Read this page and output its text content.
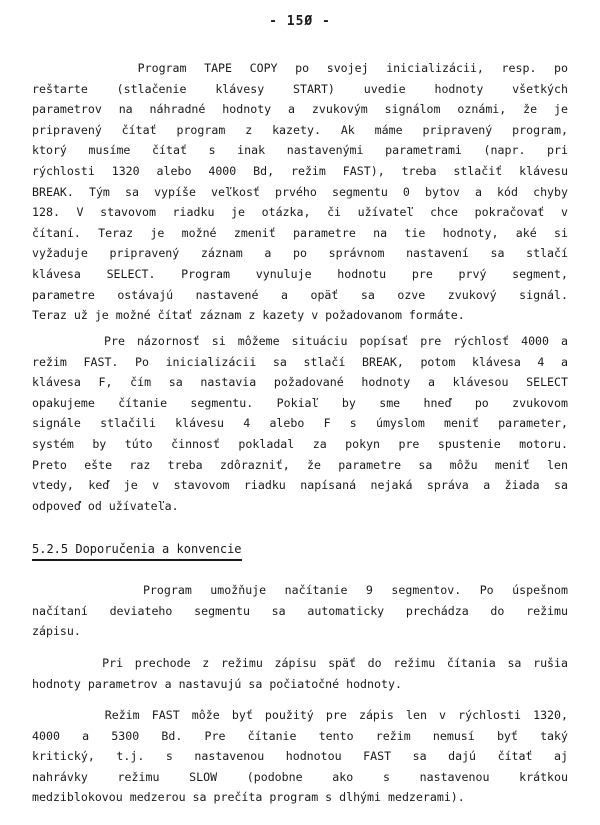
- 15Ø -
Program TAPE COPY po svojej inicializácii, resp. po
reštarte (stlačenie klávesy START) uvedie hodnoty všetkých
parametrov na náhradné hodnoty a zvukovým signálom oznámi, že je
pripravený čítať program z kazety. Ak máme pripravený program,
ktorý musíme čítať s inak nastavenými parametrami (napr. pri
rýchlosti 1320 alebo 4000 Bd, režim FAST), treba stlačiť klávesu
BREAK. Tým sa vypíše veľkosť prvého segmentu 0 bytov a kód chyby
128. V stavovom riadku je otázka, či užívateľ chce pokračovať v
čítaní. Teraz je možné zmeniť parametre na tie hodnoty, aké si
vyžaduje pripravený záznam a po správnom nastavení sa stlačí
klávesa SELECT. Program vynuluje hodnotu pre prvý segment,
parametre ostávajú nastavené a opäť sa ozve zvukový signál.
Teraz už je možné čítať záznam z kazety v požadovanom formáte.
Pre názornosť si môžeme situáciu popísať pre rýchlosť 4000 a
režim FAST. Po inicializácii sa stlačí BREAK, potom klávesa 4 a
klávesa F, čím sa nastavia požadované hodnoty a klávesou SELECT
opakujeme čítanie segmentu. Pokiaľ by sme hneď po zvukovom
signále stlačili klávesu 4 alebo F s úmyslom meniť parameter,
systém by túto činnosť pokladal za pokyn pre spustenie motoru.
Preto ešte raz treba zdôrazniť, že parametre sa môžu meniť len
vtedy, keď je v stavovom riadku napísaná nejaká správa a žiada sa
odpoveď od užívateľa.
5.2.5 Doporučenia a konvencie
Program umožňuje načítanie 9 segmentov. Po úspešnom
načítaní deviateho segmentu sa automaticky prechádza do režimu
zápisu.
Pri prechode z režimu zápisu späť do režimu čítania sa rušia
hodnoty parametrov a nastavujú sa počiatočné hodnoty.
Režim FAST môže byť použitý pre zápis len v rýchlosti 1320,
4000 a 5300 Bd. Pre čítanie tento režim nemusí byť taký
kritický, t.j. s nastavenou hodnotou FAST sa dajú čítať aj
nahrávky režimu SLOW (podobne ako s nastavenou krátkou
medziblokovou medzerou sa prečíta program s dlhými medzerami).
